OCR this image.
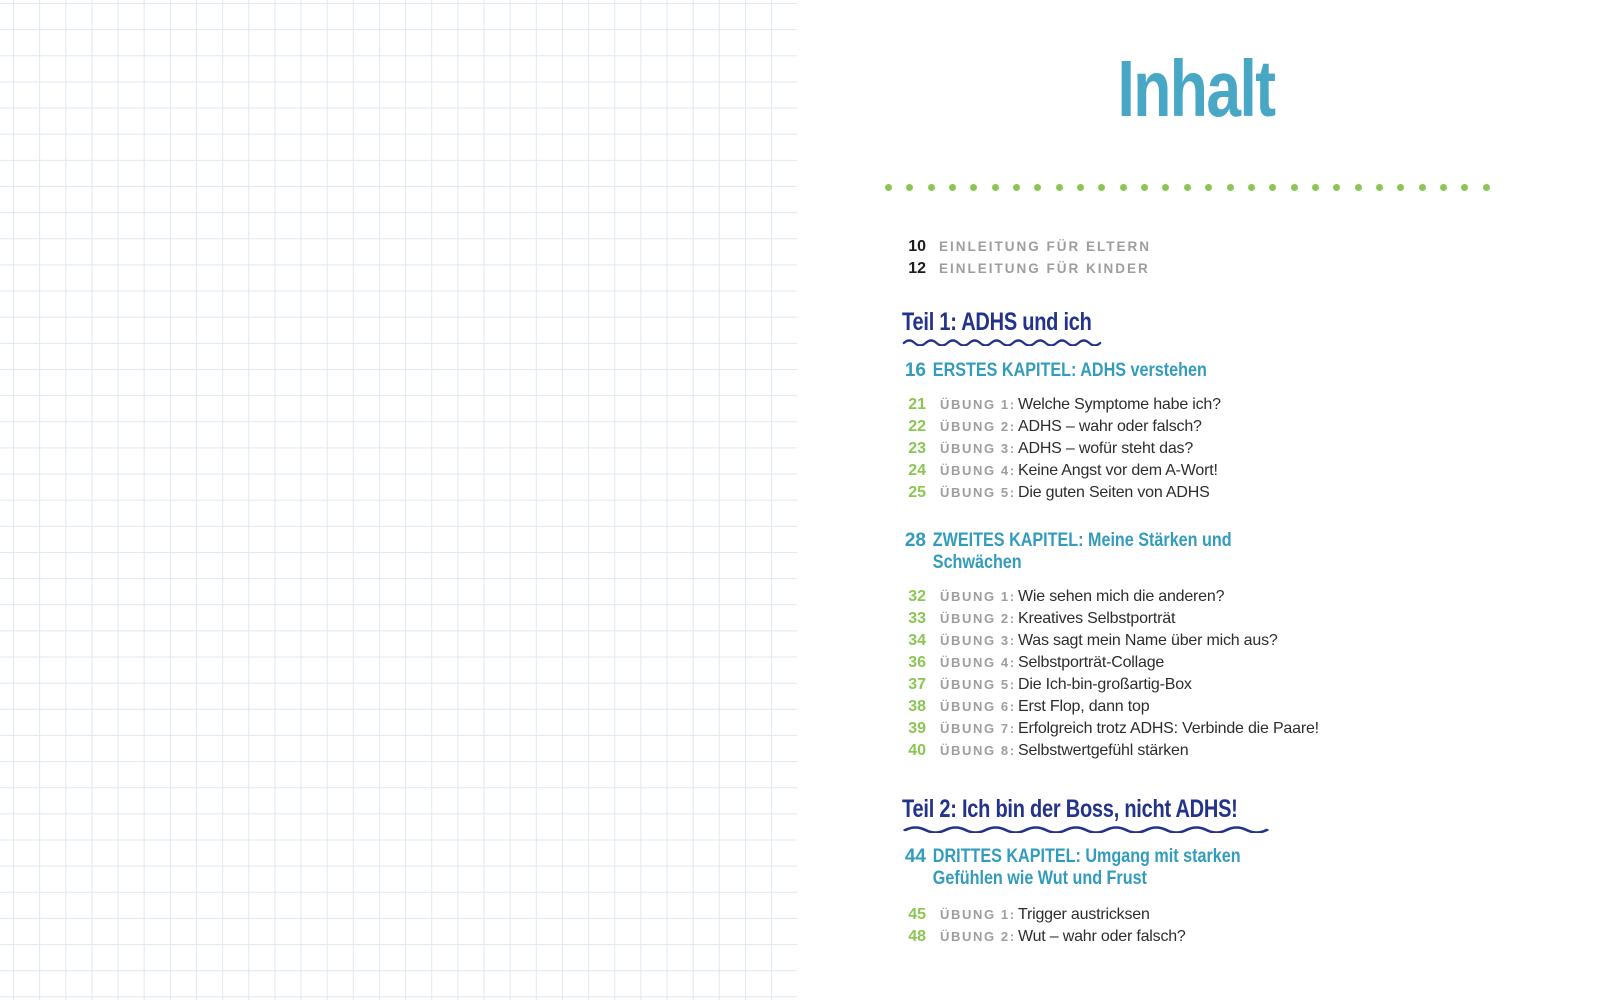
Inhalt
10 EINLEITUNG FÜR ELTERN
12 EINLEITUNG FÜR KINDER
Teil 1: ADHS und ich
16 ERSTES KAPITEL: ADHS verstehen
21	ÜBUNG 1: Welche Symptome habe ich?
22	ÜBUNG 2: ADHS – wahr oder falsch?
23	ÜBUNG 3: ADHS – wofür steht das?
24	ÜBUNG 4: Keine Angst vor dem A-Wort!
25	ÜBUNG 5: Die guten Seiten von ADHS
28 ZWEITES KAPITEL: Meine Stärken und Schwächen
32	ÜBUNG 1: Wie sehen mich die anderen?
33	ÜBUNG 2: Kreatives Selbstporträt
34	ÜBUNG 3: Was sagt mein Name über mich aus?
36	ÜBUNG 4: Selbstporträt-Collage
37	ÜBUNG 5: Die Ich-bin-großartig-Box
38	ÜBUNG 6: Erst Flop, dann top
39	ÜBUNG 7: Erfolgreich trotz ADHS: Verbinde die Paare!
40	ÜBUNG 8: Selbstwertgefühl stärken
Teil 2: Ich bin der Boss, nicht ADHS!
44 DRITTES KAPITEL: Umgang mit starken Gefühlen wie Wut und Frust
45	ÜBUNG 1: Trigger austricksen
48	ÜBUNG 2: Wut – wahr oder falsch?
